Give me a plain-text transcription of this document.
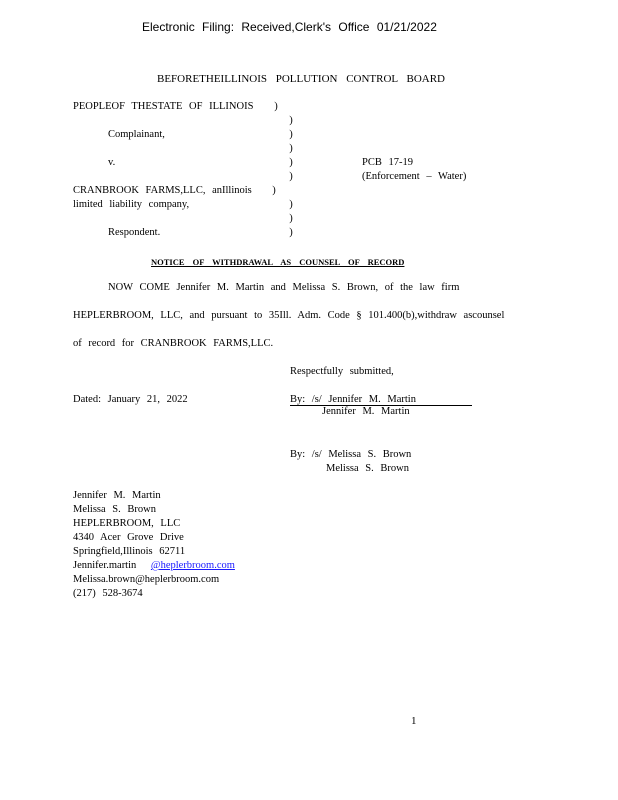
Electronic Filing: Received,Clerk's Office 01/21/2022
BEFORETHEILLINOIS POLLUTION CONTROL BOARD
PEOPLEOF THESTATE OF ILLINOIS
Complainant,
v.
CRANBROOK FARMS,LLC, anIllinois
limited liability company,
Respondent.
)
)
)
)
)
)
)
)
)
)
PCB 17-19
(Enforcement – Water)
NOTICE OF WITHDRAWAL AS COUNSEL OF RECORD
NOW COME Jennifer M. Martin and Melissa S. Brown, of the law firm
HEPLERBROOM, LLC, and pursuant to 35Ill. Adm. Code § 101.400(b),withdraw ascounsel
of record for CRANBROOK FARMS,LLC.
Respectfully submitted,
Dated: January 21, 2022	By: /s/ Jennifer M. Martin
Jennifer M. Martin
By: /s/ Melissa S. Brown
Melissa S. Brown
Jennifer M. Martin
Melissa S. Brown
HEPLERBROOM, LLC
4340 Acer Grove Drive
Springfield,Illinois 62711
Jennifer.martin @heplerbroom.com
Melissa.brown@heplerbroom.com
(217) 528-3674
1
